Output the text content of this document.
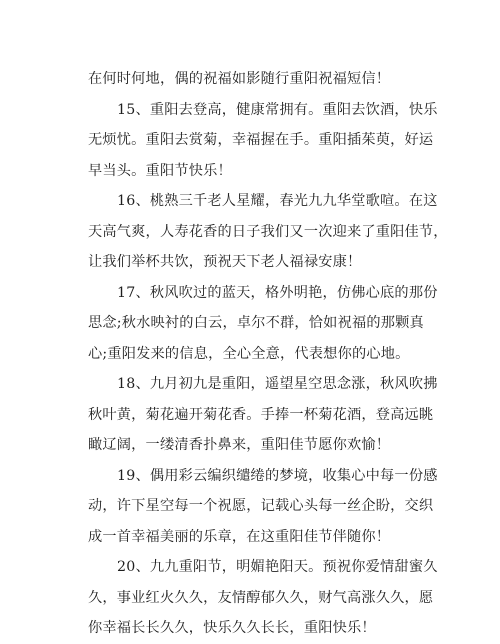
在何时何地，偶的祝福如影随行重阳祝福短信！
15、重阳去登高，健康常拥有。重阳去饮酒，快乐
无烦忧。重阳去赏菊，幸福握在手。重阳插茱萸，好运
早当头。重阳节快乐！
16、桃熟三千老人星耀，春光九九华堂歌喧。在这
天高气爽，人寿花香的日子我们又一次迎来了重阳佳节，
让我们举杯共饮，预祝天下老人福禄安康！
17、秋风吹过的蓝天，格外明艳，仿佛心底的那份
思念;秋水映衬的白云，卓尔不群，恰如祝福的那颗真
心;重阳发来的信息，全心全意，代表想你的心地。
18、九月初九是重阳，遥望星空思念涨，秋风吹拂
秋叶黄，菊花遍开菊花香。手捧一杯菊花酒，登高远眺
瞰辽阔，一缕清香扑鼻来，重阳佳节愿你欢愉！
19、偶用彩云编织缱绻的梦境，收集心中每一份感
动，许下星空每一个祝愿，记载心头每一丝企盼，交织
成一首幸福美丽的乐章，在这重阳佳节伴随你！
20、九九重阳节，明媚艳阳天。预祝你爱情甜蜜久
久，事业红火久久，友情醇郁久久，财气高涨久久，愿
你幸福长长久久，快乐久久长长，重阳快乐！
